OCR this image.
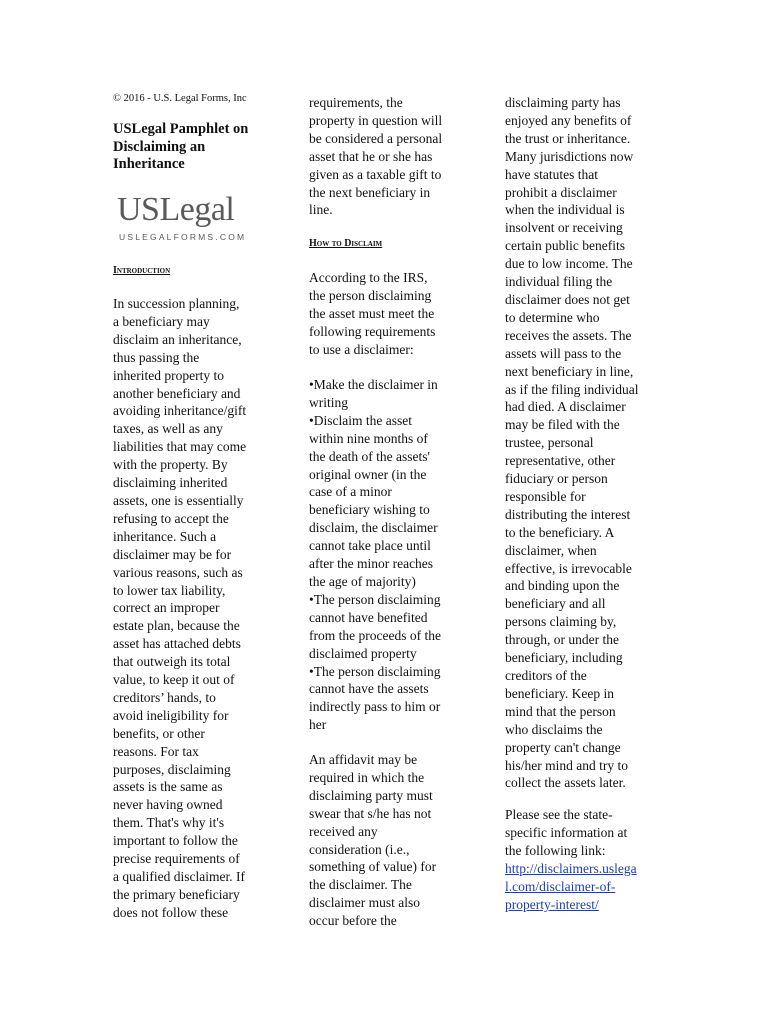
© 2016 - U.S. Legal Forms, Inc
USLegal Pamphlet on Disclaiming an Inheritance
USLegal
USLEGALFORMS.COM
Introduction
In succession planning,
a beneficiary may
disclaim an inheritance,
thus passing the
inherited property to
another beneficiary and
avoiding inheritance/gift
taxes, as well as any
liabilities that may come
with the property. By
disclaiming inherited
assets, one is essentially
refusing to accept the
inheritance. Such a
disclaimer may be for
various reasons, such as
to lower tax liability,
correct an improper
estate plan, because the
asset has attached debts
that outweigh its total
value, to keep it out of
creditors’ hands, to
avoid ineligibility for
benefits, or other
reasons. For tax
purposes, disclaiming
assets is the same as
never having owned
them. That's why it's
important to follow the
precise requirements of
a qualified disclaimer. If
the primary beneficiary
does not follow these
requirements, the
property in question will
be considered a personal
asset that he or she has
given as a taxable gift to
the next beneficiary in
line.
How to Disclaim
According to the IRS,
the person disclaiming
the asset must meet the
following requirements
to use a disclaimer:
•Make the disclaimer in
writing
•Disclaim the asset
within nine months of
the death of the assets'
original owner (in the
case of a minor
beneficiary wishing to
disclaim, the disclaimer
cannot take place until
after the minor reaches
the age of majority)
•The person disclaiming
cannot have benefited
from the proceeds of the
disclaimed property
•The person disclaiming
cannot have the assets
indirectly pass to him or
her
An affidavit may be
required in which the
disclaiming party must
swear that s/he has not
received any
consideration (i.e.,
something of value) for
the disclaimer. The
disclaimer must also
occur before the
disclaiming party has
enjoyed any benefits of
the trust or inheritance.
Many jurisdictions now
have statutes that
prohibit a disclaimer
when the individual is
insolvent or receiving
certain public benefits
due to low income. The
individual filing the
disclaimer does not get
to determine who
receives the assets. The
assets will pass to the
next beneficiary in line,
as if the filing individual
had died. A disclaimer
may be filed with the
trustee, personal
representative, other
fiduciary or person
responsible for
distributing the interest
to the beneficiary. A
disclaimer, when
effective, is irrevocable
and binding upon the
beneficiary and all
persons claiming by,
through, or under the
beneficiary, including
creditors of the
beneficiary. Keep in
mind that the person
who disclaims the
property can't change
his/her mind and try to
collect the assets later.
Please see the state-
specific information at
the following link:
http://disclaimers.uslega
l.com/disclaimer-of-
property-interest/
